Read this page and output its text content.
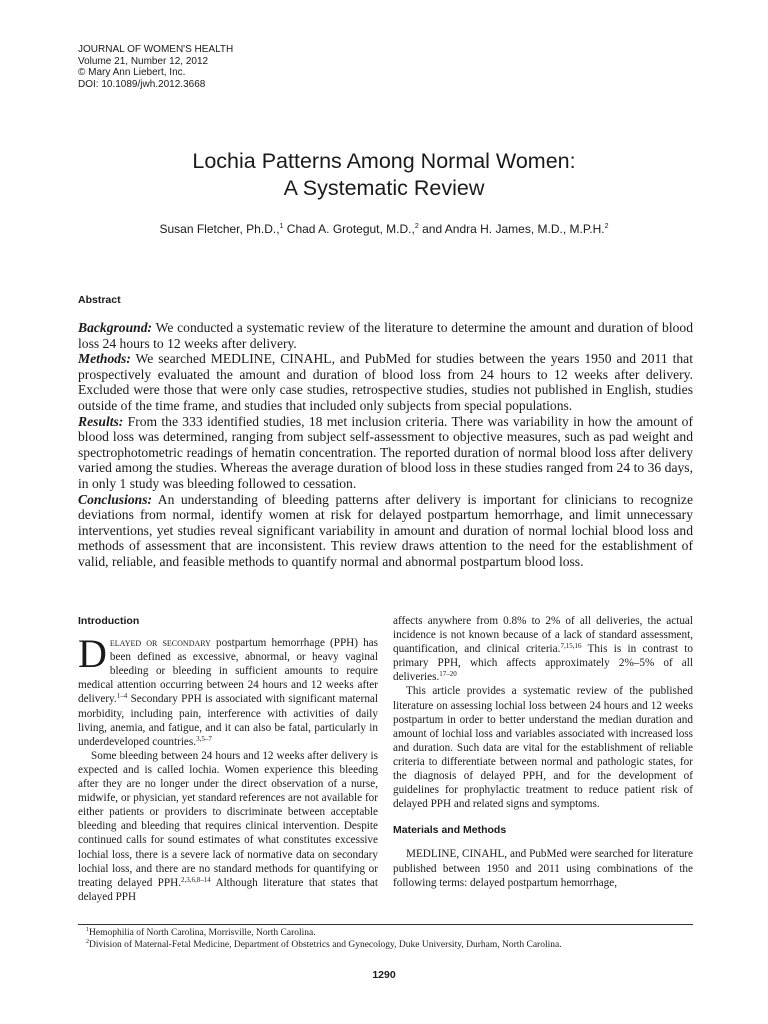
JOURNAL OF WOMEN'S HEALTH
Volume 21, Number 12, 2012
© Mary Ann Liebert, Inc.
DOI: 10.1089/jwh.2012.3668
Lochia Patterns Among Normal Women:
A Systematic Review
Susan Fletcher, Ph.D.,$^1$ Chad A. Grotegut, M.D.,$^2$ and Andra H. James, M.D., M.P.H.$^2$
Abstract

Background: We conducted a systematic review of the literature to determine the amount and duration of blood loss 24 hours to 12 weeks after delivery.

Methods: We searched MEDLINE, CINAHL, and PubMed for studies between the years 1950 and 2011 that prospectively evaluated the amount and duration of blood loss from 24 hours to 12 weeks after delivery. Excluded were those that were only case studies, retrospective studies, studies not published in English, studies outside of the time frame, and studies that included only subjects from special populations.

Results: From the 333 identified studies, 18 met inclusion criteria. There was variability in how the amount of blood loss was determined, ranging from subject self-assessment to objective measures, such as pad weight and spectrophotometric readings of hematin concentration. The reported duration of normal blood loss after delivery varied among the studies. Whereas the average duration of blood loss in these studies ranged from 24 to 36 days, in only 1 study was bleeding followed to cessation.

Conclusions: An understanding of bleeding patterns after delivery is important for clinicians to recognize deviations from normal, identify women at risk for delayed postpartum hemorrhage, and limit unnecessary interventions, yet studies reveal significant variability in amount and duration of normal lochial blood loss and methods of assessment that are inconsistent. This review draws attention to the need for the establishment of valid, reliable, and feasible methods to quantify normal and abnormal postpartum blood loss.

Introduction

Delayed or secondary postpartum hemorrhage (PPH) has been defined as excessive, abnormal, or heavy vaginal bleeding or bleeding in sufficient amounts to require medical attention occurring between 24 hours and 12 weeks after delivery.$^{1-4}$ Secondary PPH is associated with significant maternal morbidity, including pain, interference with activities of daily living, anemia, and fatigue, and it can also be fatal, particularly in underdeveloped countries.$^{3,5-7}$

Some bleeding between 24 hours and 12 weeks after delivery is expected and is called lochia. Women experience this bleeding after they are no longer under the direct observation of a nurse, midwife, or physician, yet standard references are not available for either patients or providers to discriminate between acceptable bleeding and bleeding that requires clinical intervention. Despite continued calls for sound estimates of what constitutes excessive lochial loss, there is a severe lack of normative data on secondary lochial loss, and there are no standard methods for quantifying or treating delayed PPH.$^{2,3,6,8-14}$ Although literature that states that delayed PPH

affects anywhere from 0.8% to 2% of all deliveries, the actual incidence is not known because of a lack of standard assessment, quantification, and clinical criteria.$^{7,15,16}$ This is in contrast to primary PPH, which affects approximately 2%–5% of all deliveries.$^{17-20}$

This article provides a systematic review of the published literature on assessing lochial loss between 24 hours and 12 weeks postpartum in order to better understand the median duration and amount of lochial loss and variables associated with increased loss and duration. Such data are vital for the establishment of reliable criteria to differentiate between normal and pathologic states, for the diagnosis of delayed PPH, and for the development of guidelines for prophylactic treatment to reduce patient risk of delayed PPH and related signs and symptoms.

Materials and Methods

MEDLINE, CINAHL, and PubMed were searched for literature published between 1950 and 2011 using combinations of the following terms: delayed postpartum hemorrhage,

$^1$Hemophilia of North Carolina, Morrisville, North Carolina.
$^2$Division of Maternal-Fetal Medicine, Department of Obstetrics and Gynecology, Duke University, Durham, North Carolina.
1290
